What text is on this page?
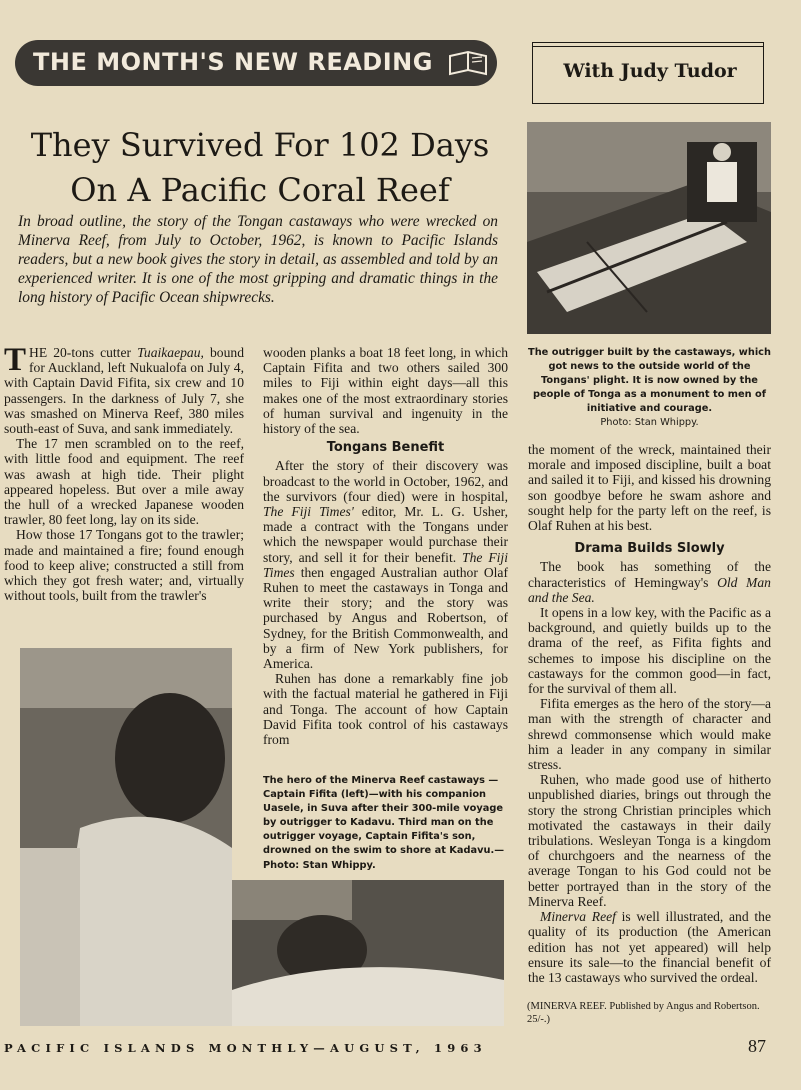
THE MONTH'S NEW READING	With Judy Tudor
They Survived For 102 Days
On A Pacific Coral Reef
In broad outline, the story of the Tongan castaways who were wrecked on Minerva Reef, from July to October, 1962, is known to Pacific Islands readers, but a new book gives the story in detail, as assembled and told by an experienced writer. It is one of the most gripping and dramatic things in the long history of Pacific Ocean shipwrecks.

THE 20-tons cutter Tuaikaepau, bound for Auckland, left Nukualofa on July 4, with Captain David Fifita, six crew and 10 passengers. In the darkness of July 7, she was smashed on Minerva Reef, 380 miles south-east of Suva, and sank immediately.

The 17 men scrambled on to the reef, with little food and equipment. The reef was awash at high tide. Their plight appeared hopeless. But over a mile away the hull of a wrecked Japanese wooden trawler, 80 feet long, lay on its side.

How those 17 Tongans got to the trawler; made and maintained a fire; found enough food to keep alive; constructed a still from which they got fresh water; and, virtually without tools, built from the trawler's

wooden planks a boat 18 feet long, in which Captain Fifita and two others sailed 300 miles to Fiji within eight days—all this makes one of the most extraordinary stories of human survival and ingenuity in the history of the sea.

Tongans Benefit

After the story of their discovery was broadcast to the world in October, 1962, and the survivors (four died) were in hospital, The Fiji Times' editor, Mr. L. G. Usher, made a contract with the Tongans under which the newspaper would purchase their story, and sell it for their benefit. The Fiji Times then engaged Australian author Olaf Ruhen to meet the castaways in Tonga and write their story; and the story was purchased by Angus and Robertson, of Sydney, for the British Commonwealth, and by a firm of New York publishers, for America.

Ruhen has done a remarkably fine job with the factual material he gathered in Fiji and Tonga. The account of how Captain David Fifita took control of his castaways from

The hero of the Minerva Reef castaways —Captain Fifita (left)—with his companion Uasele, in Suva after their 300-mile voyage by outrigger to Kadavu. Third man on the outrigger voyage, Captain Fifita's son, drowned on the swim to shore at Kadavu.—Photo: Stan Whippy.
The outrigger built by the castaways, which got news to the outside world of the Tongans' plight. It is now owned by the people of Tonga as a monument to men of initiative and courage.
Photo: Stan Whippy.

the moment of the wreck, maintained their morale and imposed discipline, built a boat and sailed it to Fiji, and kissed his drowning son goodbye before he swam ashore and sought help for the party left on the reef, is Olaf Ruhen at his best.

Drama Builds Slowly

The book has something of the characteristics of Hemingway's Old Man and the Sea.

It opens in a low key, with the Pacific as a background, and quietly builds up to the drama of the reef, as Fifita fights and schemes to impose his discipline on the castaways for the common good—in fact, for the survival of them all.

Fifita emerges as the hero of the story—a man with the strength of character and shrewd commonsense which would make him a leader in any company in similar stress.

Ruhen, who made good use of hitherto unpublished diaries, brings out through the story the strong Christian principles which motivated the castaways in their daily tribulations. Wesleyan Tonga is a kingdom of churchgoers and the nearness of the average Tongan to his God could not be better portrayed than in the story of the Minerva Reef.

Minerva Reef is well illustrated, and the quality of its production (the American edition has not yet appeared) will help ensure its sale—to the financial benefit of the 13 castaways who survived the ordeal.

(MINERVA REEF. Published by Angus and Robertson. 25/-.)
PACIFIC ISLANDS MONTHLY—AUGUST, 1963	87
